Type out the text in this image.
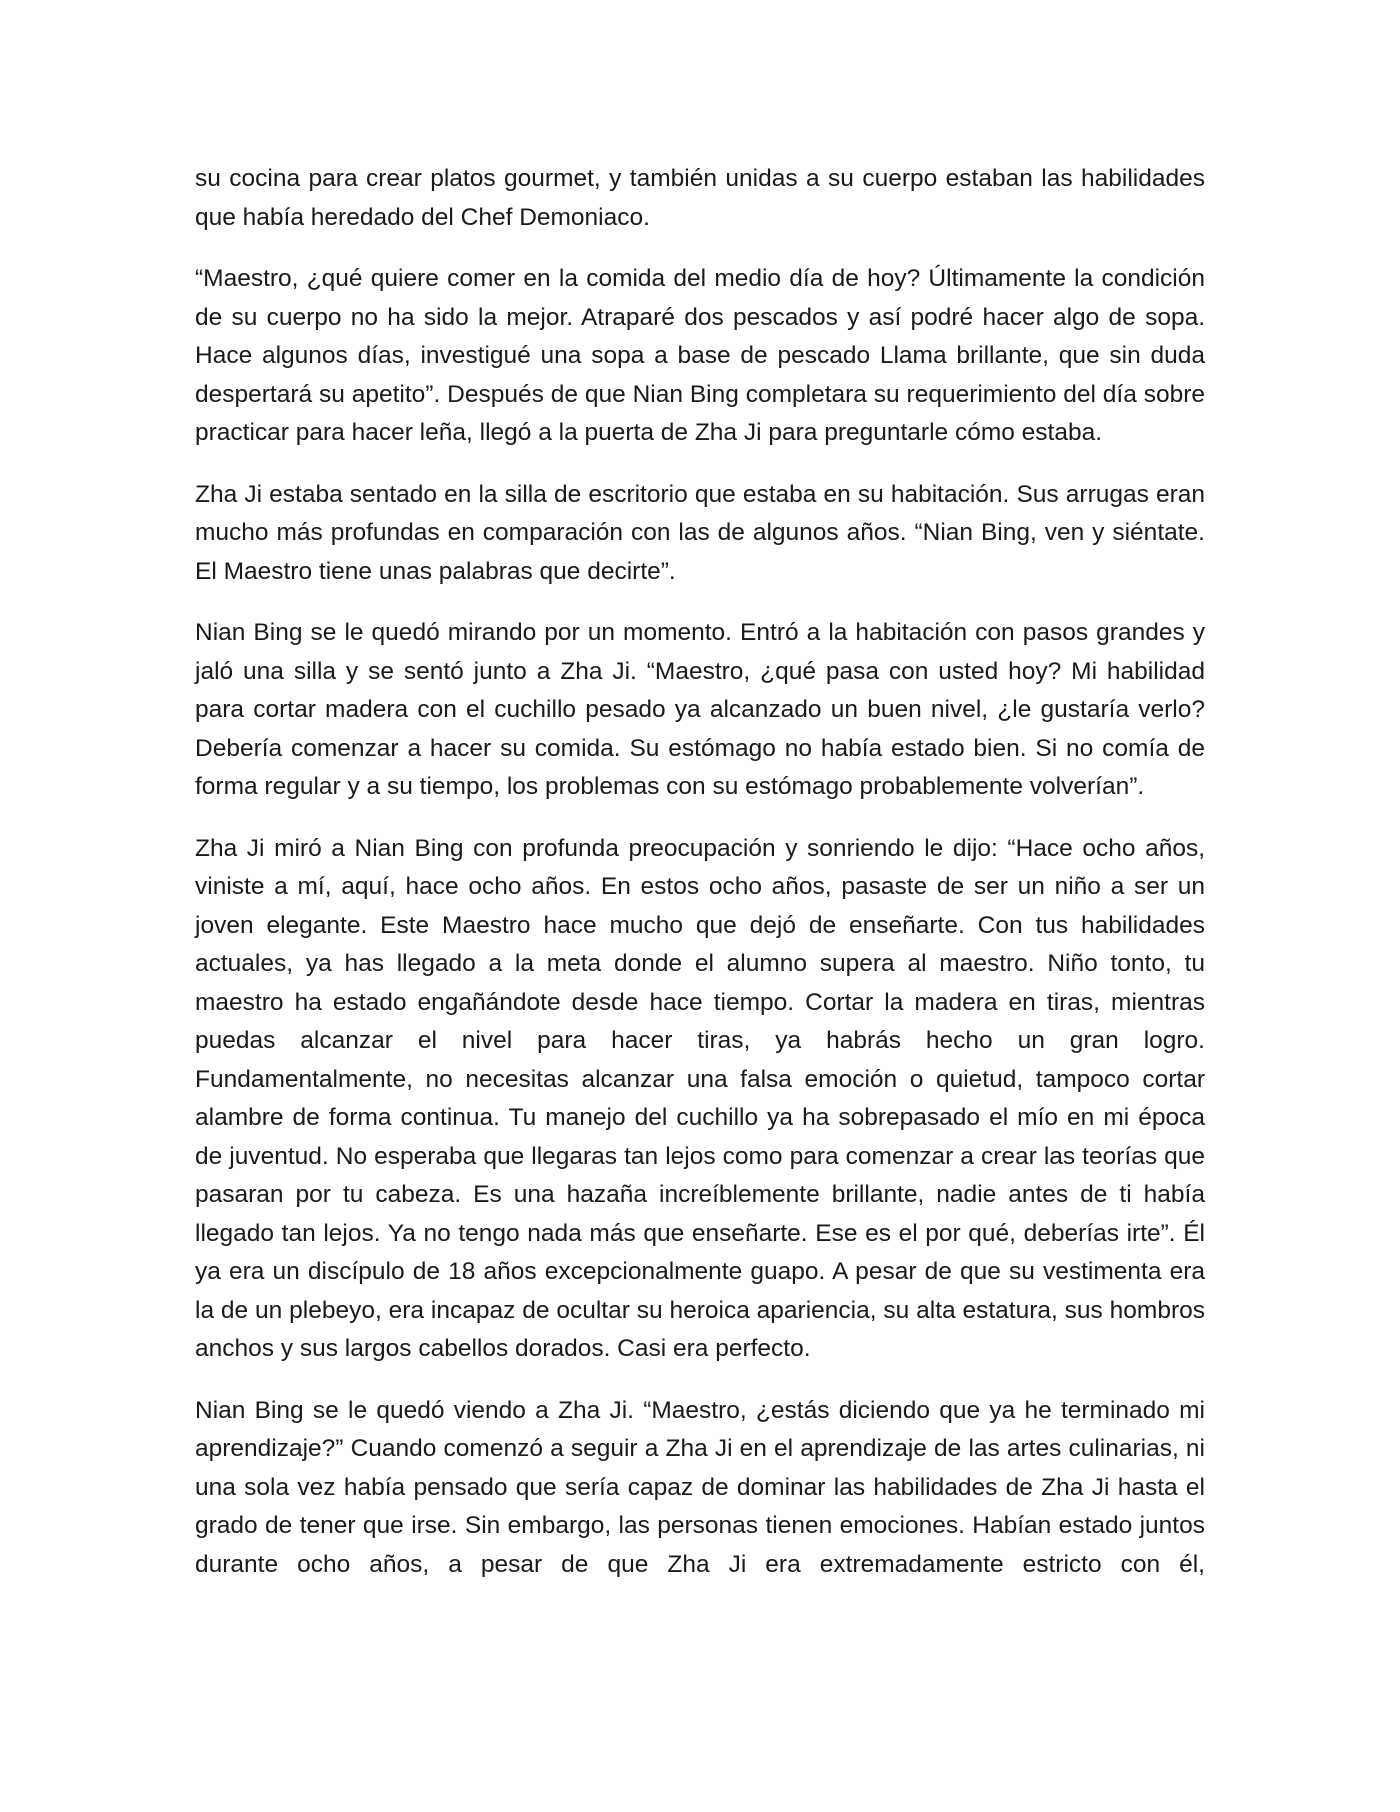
su cocina para crear platos gourmet, y también unidas a su cuerpo estaban las habilidades que había heredado del Chef Demoniaco.

“Maestro, ¿qué quiere comer en la comida del medio día de hoy? Últimamente la condición de su cuerpo no ha sido la mejor. Atraparé dos pescados y así podré hacer algo de sopa. Hace algunos días, investigué una sopa a base de pescado Llama brillante, que sin duda despertará su apetito”. Después de que Nian Bing completara su requerimiento del día sobre practicar para hacer leña, llegó a la puerta de Zha Ji para preguntarle cómo estaba.

Zha Ji estaba sentado en la silla de escritorio que estaba en su habitación. Sus arrugas eran mucho más profundas en comparación con las de algunos años. “Nian Bing, ven y siéntate. El Maestro tiene unas palabras que decirte”.

Nian Bing se le quedó mirando por un momento. Entró a la habitación con pasos grandes y jaló una silla y se sentó junto a Zha Ji. “Maestro, ¿qué pasa con usted hoy? Mi habilidad para cortar madera con el cuchillo pesado ya alcanzado un buen nivel, ¿le gustaría verlo? Debería comenzar a hacer su comida. Su estómago no había estado bien. Si no comía de forma regular y a su tiempo, los problemas con su estómago probablemente volverían”.

Zha Ji miró a Nian Bing con profunda preocupación y sonriendo le dijo: “Hace ocho años, viniste a mí, aquí, hace ocho años. En estos ocho años, pasaste de ser un niño a ser un joven elegante. Este Maestro hace mucho que dejó de enseñarte. Con tus habilidades actuales, ya has llegado a la meta donde el alumno supera al maestro. Niño tonto, tu maestro ha estado engañándote desde hace tiempo. Cortar la madera en tiras, mientras puedas alcanzar el nivel para hacer tiras, ya habrás hecho un gran logro. Fundamentalmente, no necesitas alcanzar una falsa emoción o quietud, tampoco cortar alambre de forma continua. Tu manejo del cuchillo ya ha sobrepasado el mío en mi época de juventud. No esperaba que llegaras tan lejos como para comenzar a crear las teorías que pasaran por tu cabeza. Es una hazaña increíblemente brillante, nadie antes de ti había llegado tan lejos. Ya no tengo nada más que enseñarte. Ese es el por qué, deberías irte”. Él ya era un discípulo de 18 años excepcionalmente guapo. A pesar de que su vestimenta era la de un plebeyo, era incapaz de ocultar su heroica apariencia, su alta estatura, sus hombros anchos y sus largos cabellos dorados. Casi era perfecto.

Nian Bing se le quedó viendo a Zha Ji. “Maestro, ¿estás diciendo que ya he terminado mi aprendizaje?” Cuando comenzó a seguir a Zha Ji en el aprendizaje de las artes culinarias, ni una sola vez había pensado que sería capaz de dominar las habilidades de Zha Ji hasta el grado de tener que irse. Sin embargo, las personas tienen emociones. Habían estado juntos durante ocho años, a pesar de que Zha Ji era extremadamente estricto con él,
